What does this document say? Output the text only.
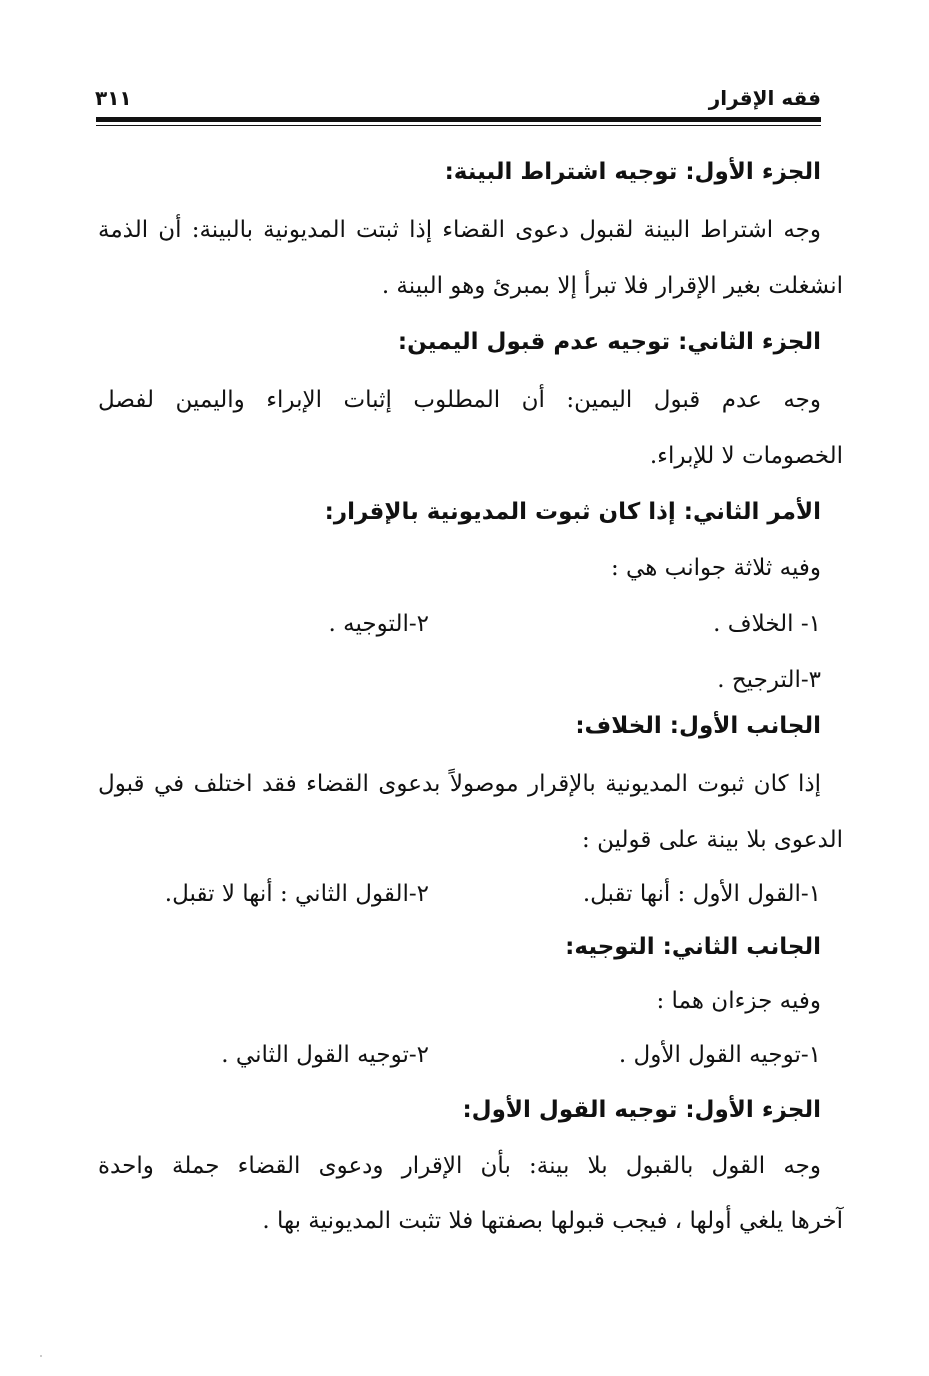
فقه الإقرار
٣١١
الجزء الأول: توجيه اشتراط البينة:
وجه اشتراط البينة لقبول دعوى القضاء إذا ثبتت المديونية بالبينة: أن الذمة
انشغلت بغير الإقرار فلا تبرأ إلا بمبرئ وهو البينة .
الجزء الثاني: توجيه عدم قبول اليمين:
وجه عدم قبول اليمين: أن المطلوب إثبات الإبراء واليمين لفصل
الخصومات لا للإبراء.
الأمر الثاني: إذا كان ثبوت المديونية بالإقرار:
وفيه ثلاثة جوانب هي :
١- الخلاف .
٢-التوجيه .
٣-الترجيح .
الجانب الأول: الخلاف:
إذا كان ثبوت المديونية بالإقرار موصولاً بدعوى القضاء فقد اختلف في قبول
الدعوى بلا بينة على قولين :
١-القول الأول : أنها تقبل.
٢-القول الثاني : أنها لا تقبل.
الجانب الثاني: التوجيه:
وفيه جزءان هما :
١-توجيه القول الأول .
٢-توجيه القول الثاني .
الجزء الأول: توجيه القول الأول:
وجه القول بالقبول بلا بينة: بأن الإقرار ودعوى القضاء جملة واحدة
آخرها يلغي أولها ، فيجب قبولها بصفتها فلا تثبت المديونية بها .
